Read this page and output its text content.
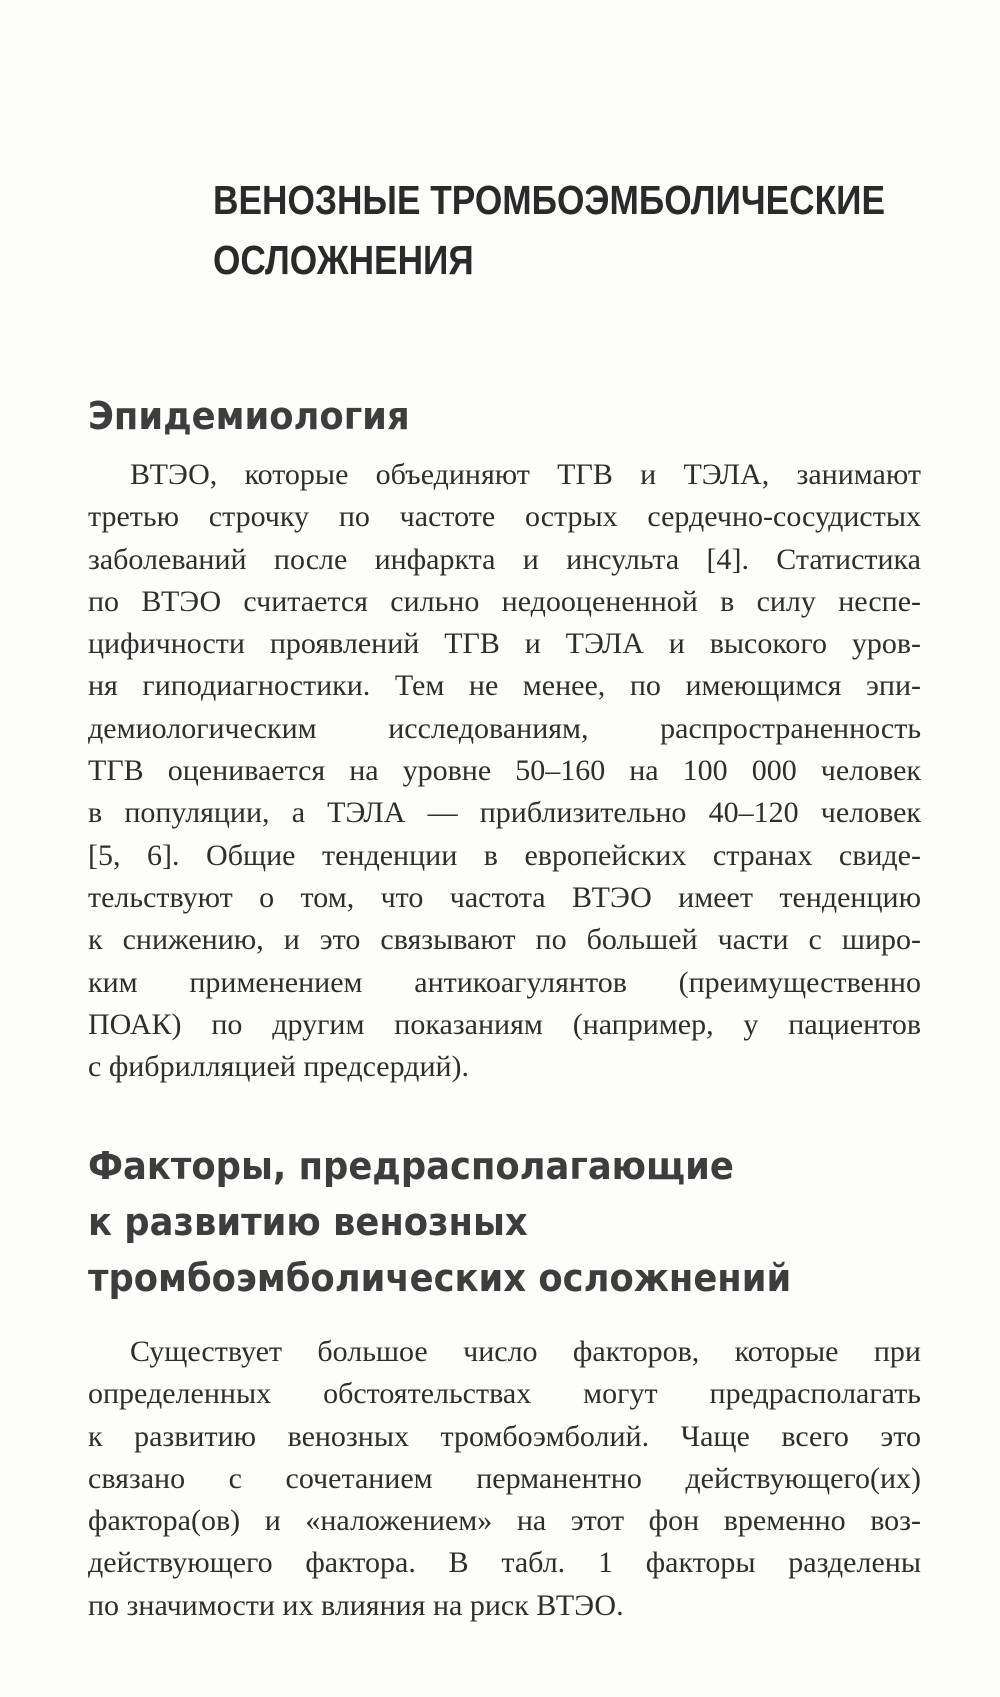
ВЕНОЗНЫЕ ТРОМБОЭМБОЛИЧЕСКИЕ
ОСЛОЖНЕНИЯ
Эпидемиология
ВТЭО, которые объединяют ТГВ и ТЭЛА, занимают
третью строчку по частоте острых сердечно-сосудистых
заболеваний после инфаркта и инсульта [4]. Статистика
по ВТЭО считается сильно недооцененной в силу неспе-
цифичности проявлений ТГВ и ТЭЛА и высокого уров-
ня гиподиагностики. Тем не менее, по имеющимся эпи-
демиологическим исследованиям, распространенность
ТГВ оценивается на уровне 50–160 на 100 000 человек
в популяции, а ТЭЛА — приблизительно 40–120 человек
[5, 6]. Общие тенденции в европейских странах свиде-
тельствуют о том, что частота ВТЭО имеет тенденцию
к снижению, и это связывают по большей части с широ-
ким применением антикоагулянтов (преимущественно
ПОАК) по другим показаниям (например, у пациентов
с фибрилляцией предсердий).
Факторы, предрасполагающие
к развитию венозных
тромбоэмболических осложнений
Существует большое число факторов, которые при
определенных обстоятельствах могут предрасполагать
к развитию венозных тромбоэмболий. Чаще всего это
связано с сочетанием перманентно действующего(их)
фактора(ов) и «наложением» на этот фон временно воз-
действующего фактора. В табл. 1 факторы разделены
по значимости их влияния на риск ВТЭО.
